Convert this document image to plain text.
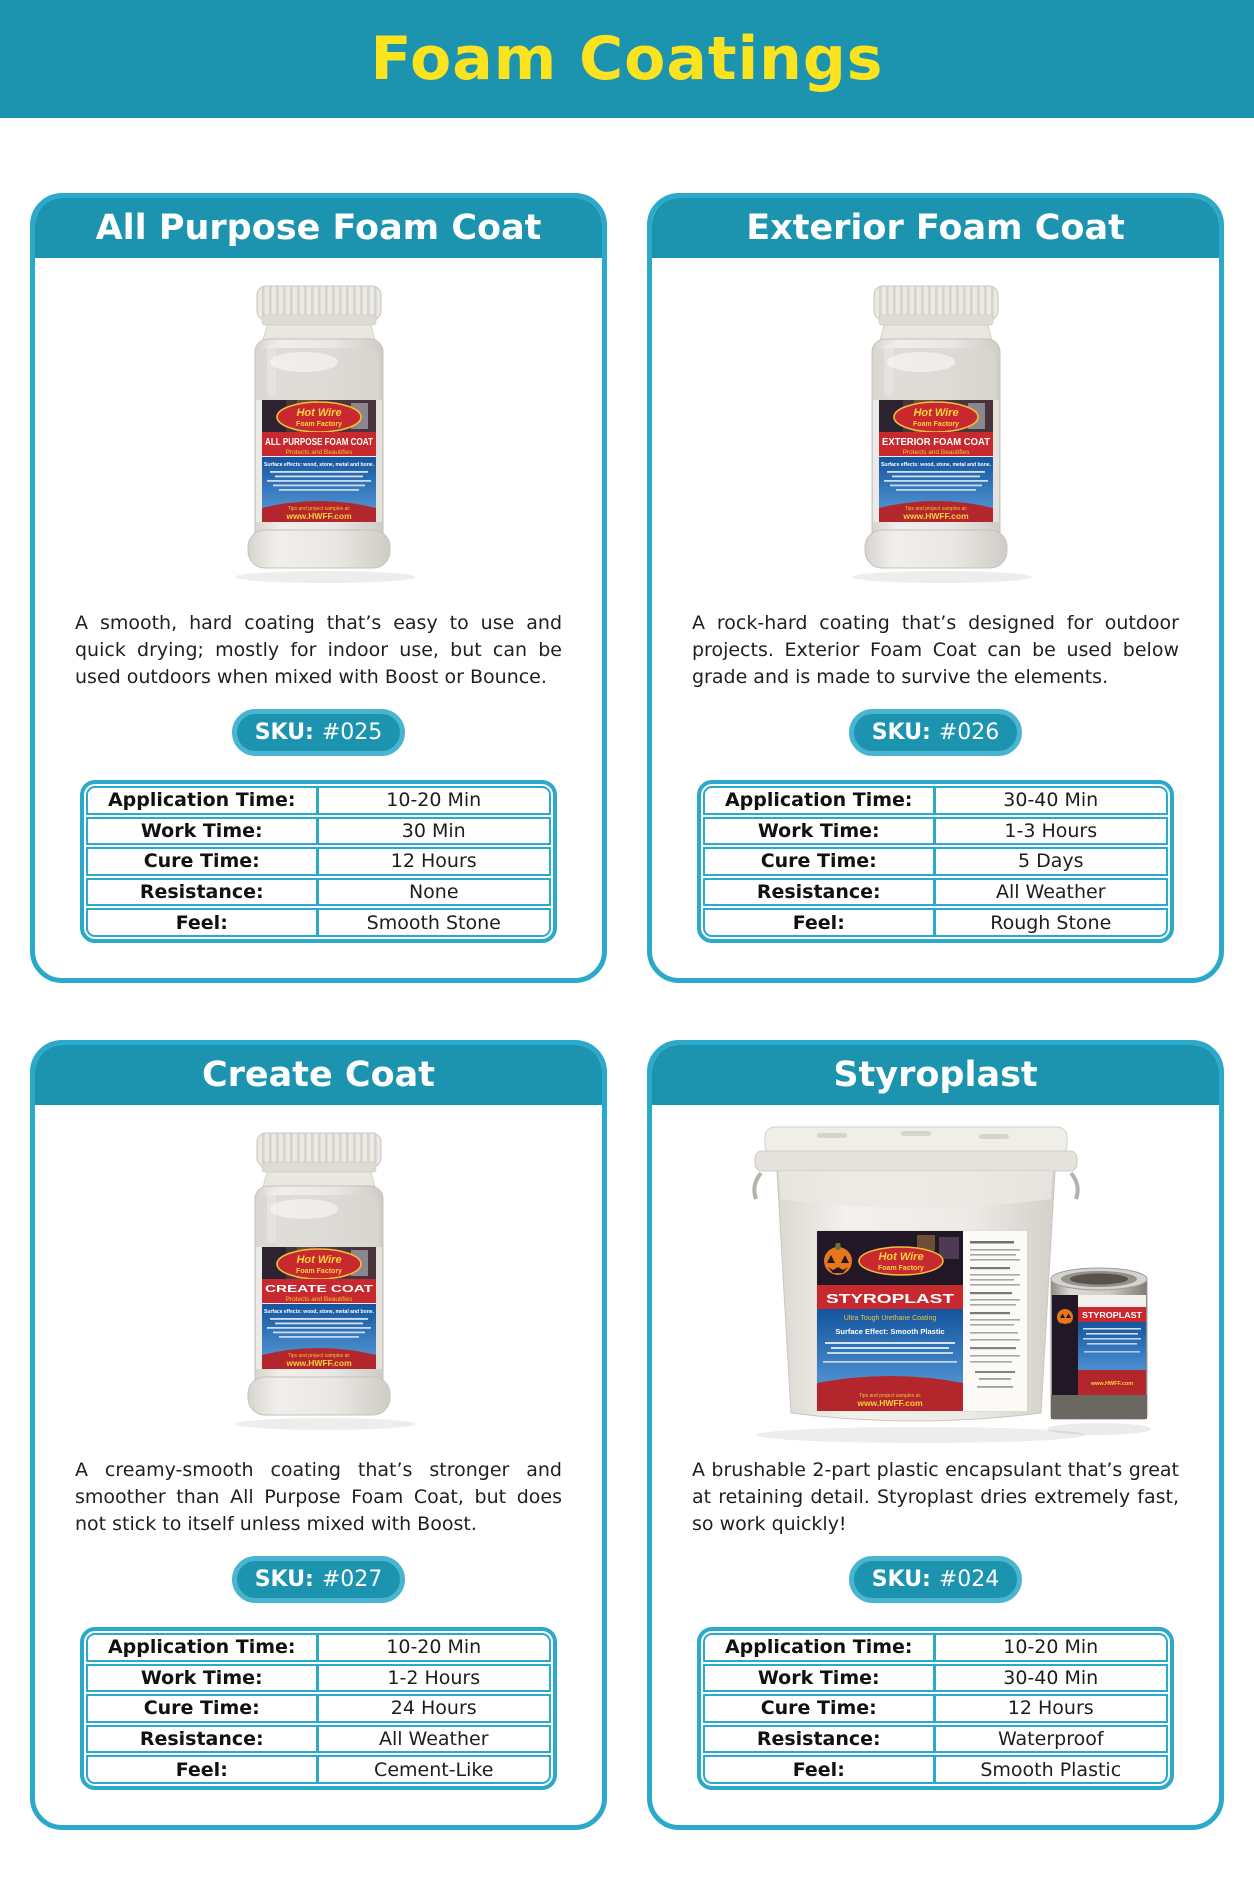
Foam Coatings
All Purpose Foam Coat
Hot Wire
Foam Factory
ALL PURPOSE FOAM COAT
Protects and Beautifies
Surface effects: wood, stone, metal and bone.
Tips and project samples at:
www.HWFF.com

A smooth, hard coating that’s easy to use and quick drying; mostly for indoor use, but can be used outdoors when mixed with Boost or Bounce.

SKU: #025
Application Time:	10-20 Min
Work Time:	30 Min
Cure Time:	12 Hours
Resistance:	None
Feel:	Smooth Stone
Exterior Foam Coat
Hot Wire
Foam Factory
EXTERIOR FOAM COAT
Protects and Beautifies
Surface effects: wood, stone, metal and bone.
Tips and project samples at:
www.HWFF.com

A rock-hard coating that’s designed for outdoor projects. Exterior Foam Coat can be used below grade and is made to survive the elements.

SKU: #026
Application Time:	30-40 Min
Work Time:	1-3 Hours
Cure Time:	5 Days
Resistance:	All Weather
Feel:	Rough Stone
Create Coat
Hot Wire
Foam Factory
CREATE COAT
Protects and Beautifies
Surface effects: wood, stone, metal and bone.
Tips and project samples at:
www.HWFF.com

A creamy-smooth coating that’s stronger and smoother than All Purpose Foam Coat, but does not stick to itself unless mixed with Boost.

SKU: #027
Application Time:	10-20 Min
Work Time:	1-2 Hours
Cure Time:	24 Hours
Resistance:	All Weather
Feel:	Cement-Like
Styroplast
Hot Wire
Foam Factory
STYROPLAST
Ultra Tough Urethane Coating
Surface Effect: Smooth Plastic
Tips and project samples at:
www.HWFF.com
STYROPLAST
www.HWFF.com

A brushable 2-part plastic encapsulant that’s great at retaining detail. Styroplast dries extremely fast, so work quickly!

SKU: #024
Application Time:	10-20 Min
Work Time:	30-40 Min
Cure Time:	12 Hours
Resistance:	Waterproof
Feel:	Smooth Plastic
